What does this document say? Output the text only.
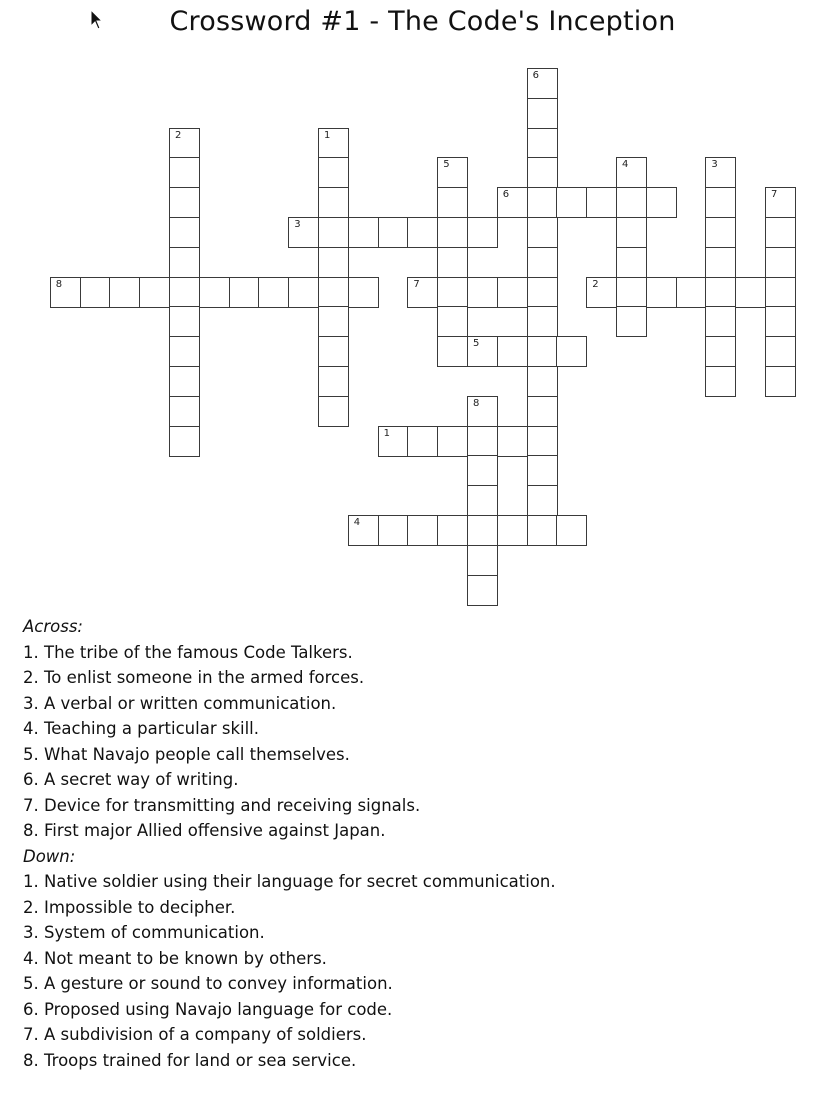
Crossword #1 - The Code's Inception
1
2
3
4
5
6
7
8
1
2
3
4
5
6
7
8
Across:
1. The tribe of the famous Code Talkers.
2. To enlist someone in the armed forces.
3. A verbal or written communication.
4. Teaching a particular skill.
5. What Navajo people call themselves.
6. A secret way of writing.
7. Device for transmitting and receiving signals.
8. First major Allied offensive against Japan.
Down:
1. Native soldier using their language for secret communication.
2. Impossible to decipher.
3. System of communication.
4. Not meant to be known by others.
5. A gesture or sound to convey information.
6. Proposed using Navajo language for code.
7. A subdivision of a company of soldiers.
8. Troops trained for land or sea service.
